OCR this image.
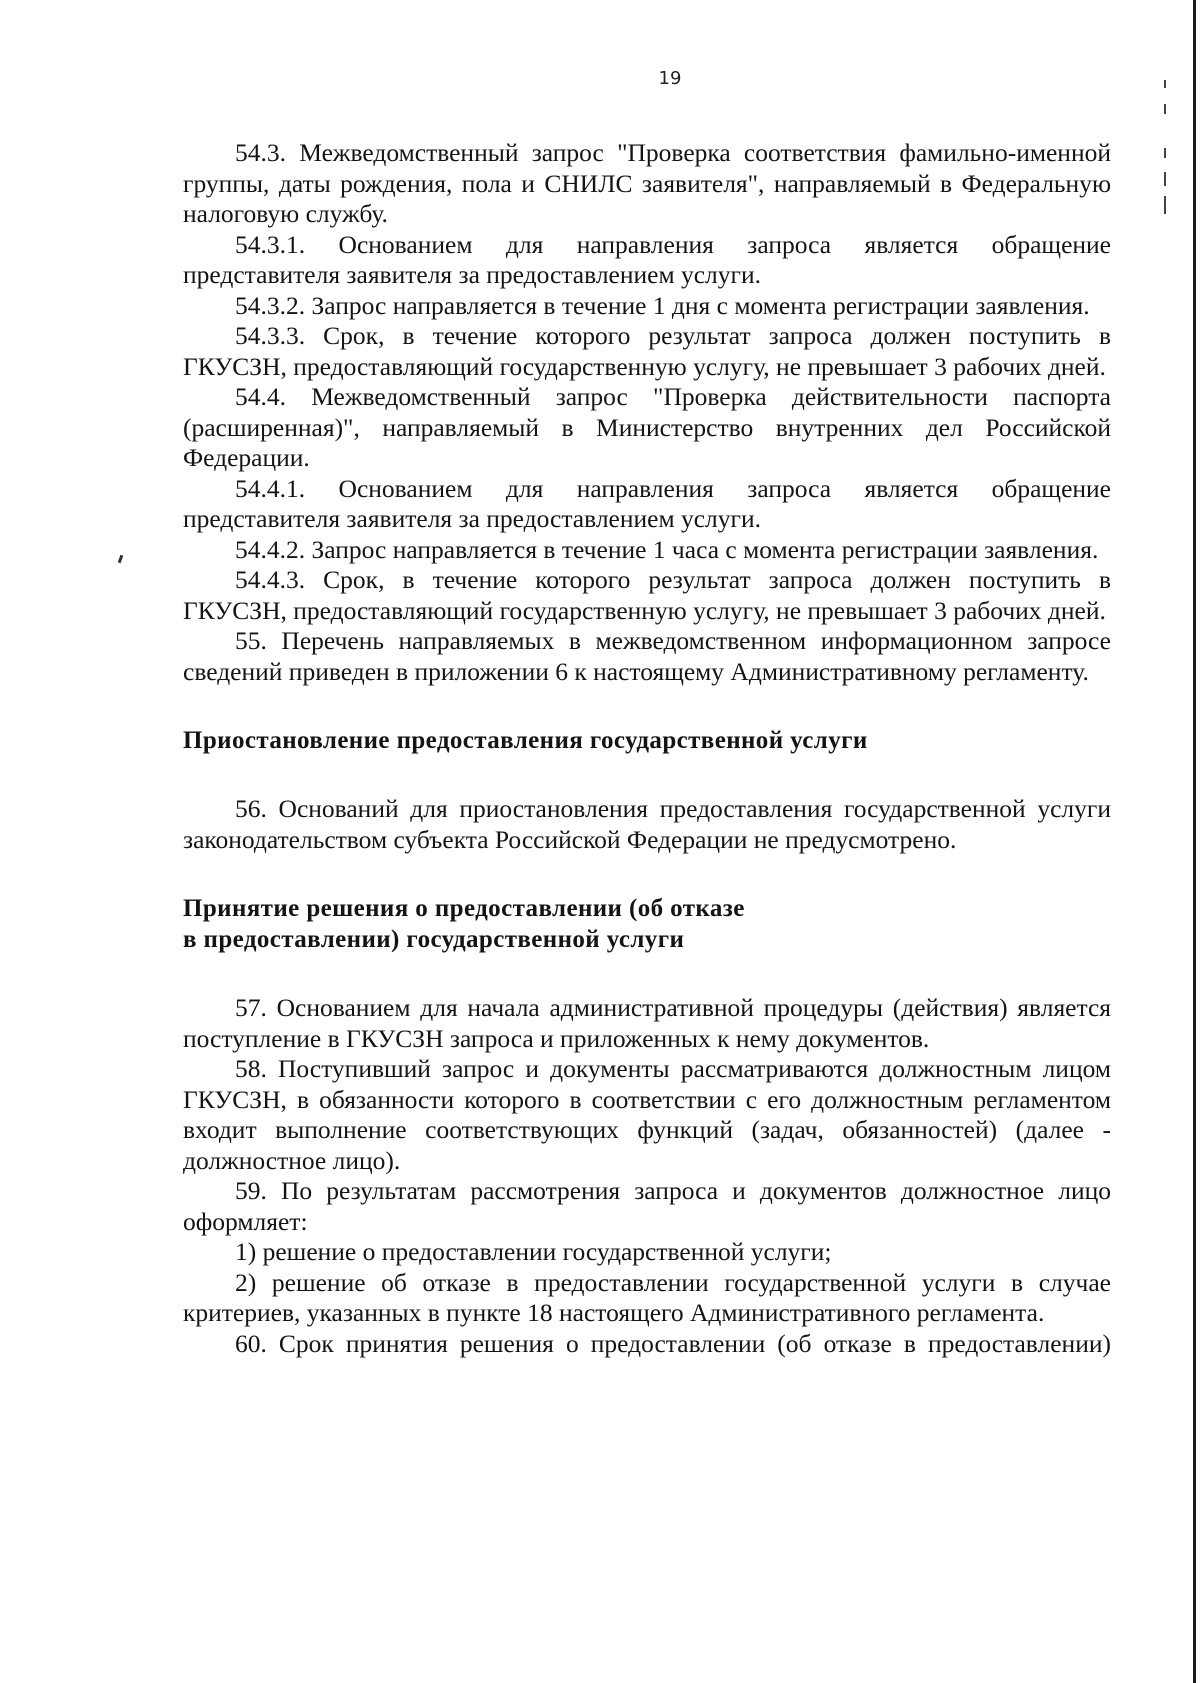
19

54.3. Межведомственный запрос "Проверка соответствия фамильно-именной группы, даты рождения, пола и СНИЛС заявителя", направляемый в Федеральную налоговую службу.

54.3.1. Основанием для направления запроса является обращение представителя заявителя за предоставлением услуги.

54.3.2. Запрос направляется в течение 1 дня с момента регистрации заявления.

54.3.3. Срок, в течение которого результат запроса должен поступить в ГКУСЗН, предоставляющий государственную услугу, не превышает 3 рабочих дней.

54.4. Межведомственный запрос "Проверка действительности паспорта (расширенная)", направляемый в Министерство внутренних дел Российской Федерации.

54.4.1. Основанием для направления запроса является обращение представителя заявителя за предоставлением услуги.

54.4.2. Запрос направляется в течение 1 часа с момента регистрации заявления.

54.4.3. Срок, в течение которого результат запроса должен поступить в ГКУСЗН, предоставляющий государственную услугу, не превышает 3 рабочих дней.

55. Перечень направляемых в межведомственном информационном запросе сведений приведен в приложении 6 к настоящему Административному регламенту.

Приостановление предоставления государственной услуги

56. Оснований для приостановления предоставления государственной услуги законодательством субъекта Российской Федерации не предусмотрено.

Принятие решения о предоставлении (об отказе
в предоставлении) государственной услуги

57. Основанием для начала административной процедуры (действия) является поступление в ГКУСЗН запроса и приложенных к нему документов.

58. Поступивший запрос и документы рассматриваются должностным лицом ГКУСЗН, в обязанности которого в соответствии с его должностным регламентом входит выполнение соответствующих функций (задач, обязанностей) (далее - должностное лицо).

59. По результатам рассмотрения запроса и документов должностное лицо оформляет:

1) решение о предоставлении государственной услуги;

2) решение об отказе в предоставлении государственной услуги в случае критериев, указанных в пункте 18 настоящего Административного регламента.

60. Срок принятия решения о предоставлении (об отказе в предоставлении)
